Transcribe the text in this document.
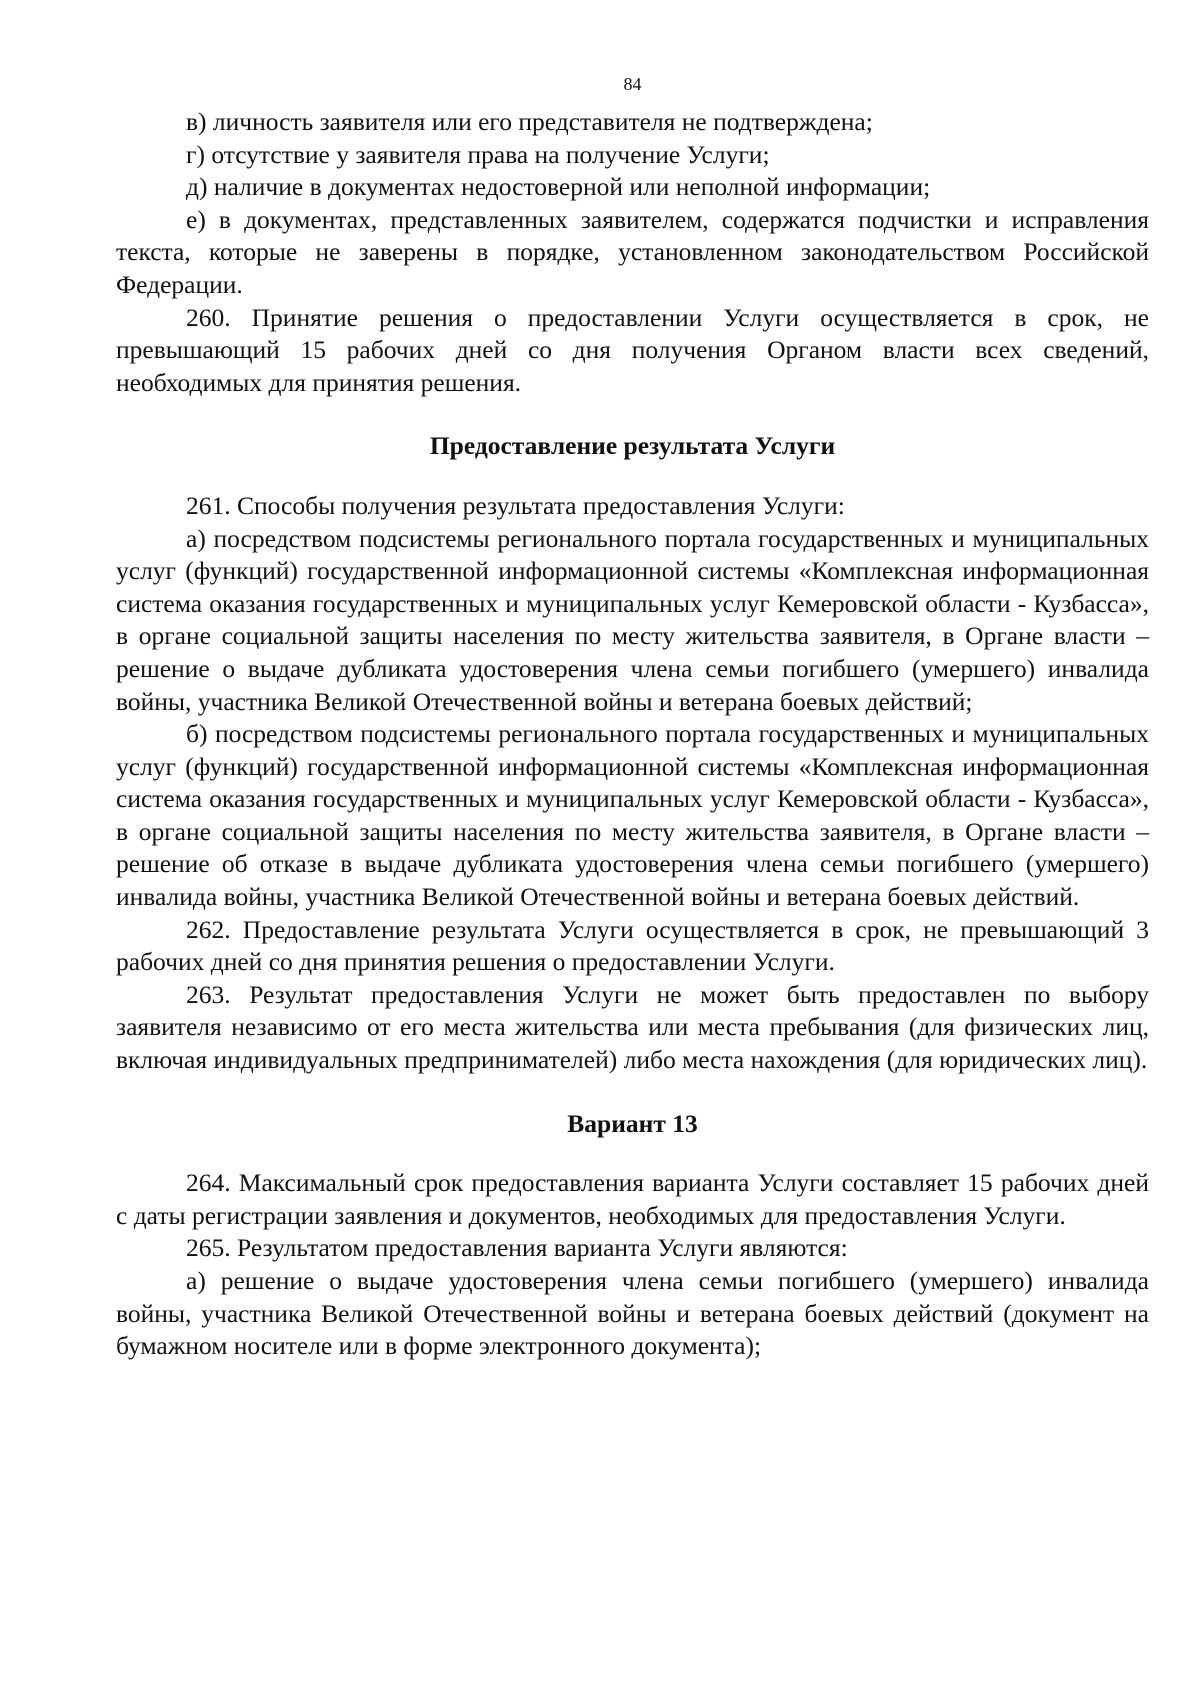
84

в) личность заявителя или его представителя не подтверждена;

г) отсутствие у заявителя права на получение Услуги;

д) наличие в документах недостоверной или неполной информации;

е) в документах, представленных заявителем, содержатся подчистки и исправления текста, которые не заверены в порядке, установленном законодательством Российской Федерации.

260. Принятие решения о предоставлении Услуги осуществляется в срок, не превышающий 15 рабочих дней со дня получения Органом власти всех сведений, необходимых для принятия решения.

Предоставление результата Услуги

261. Способы получения результата предоставления Услуги:

а) посредством подсистемы регионального портала государственных и муниципальных услуг (функций) государственной информационной системы «Комплексная информационная система оказания государственных и муниципальных услуг Кемеровской области - Кузбасса», в органе социальной защиты населения по месту жительства заявителя, в Органе власти – решение о выдаче дубликата удостоверения члена семьи погибшего (умершего) инвалида войны, участника Великой Отечественной войны и ветерана боевых действий;

б) посредством подсистемы регионального портала государственных и муниципальных услуг (функций) государственной информационной системы «Комплексная информационная система оказания государственных и муниципальных услуг Кемеровской области - Кузбасса», в органе социальной защиты населения по месту жительства заявителя, в Органе власти – решение об отказе в выдаче дубликата удостоверения члена семьи погибшего (умершего) инвалида войны, участника Великой Отечественной войны и ветерана боевых действий.

262. Предоставление результата Услуги осуществляется в срок, не превышающий 3 рабочих дней со дня принятия решения о предоставлении Услуги.

263. Результат предоставления Услуги не может быть предоставлен по выбору заявителя независимо от его места жительства или места пребывания (для физических лиц, включая индивидуальных предпринимателей) либо места нахождения (для юридических лиц).

Вариант 13

264. Максимальный срок предоставления варианта Услуги составляет 15 рабочих дней с даты регистрации заявления и документов, необходимых для предоставления Услуги.

265. Результатом предоставления варианта Услуги являются:

а) решение о выдаче удостоверения члена семьи погибшего (умершего) инвалида войны, участника Великой Отечественной войны и ветерана боевых действий (документ на бумажном носителе или в форме электронного документа);
